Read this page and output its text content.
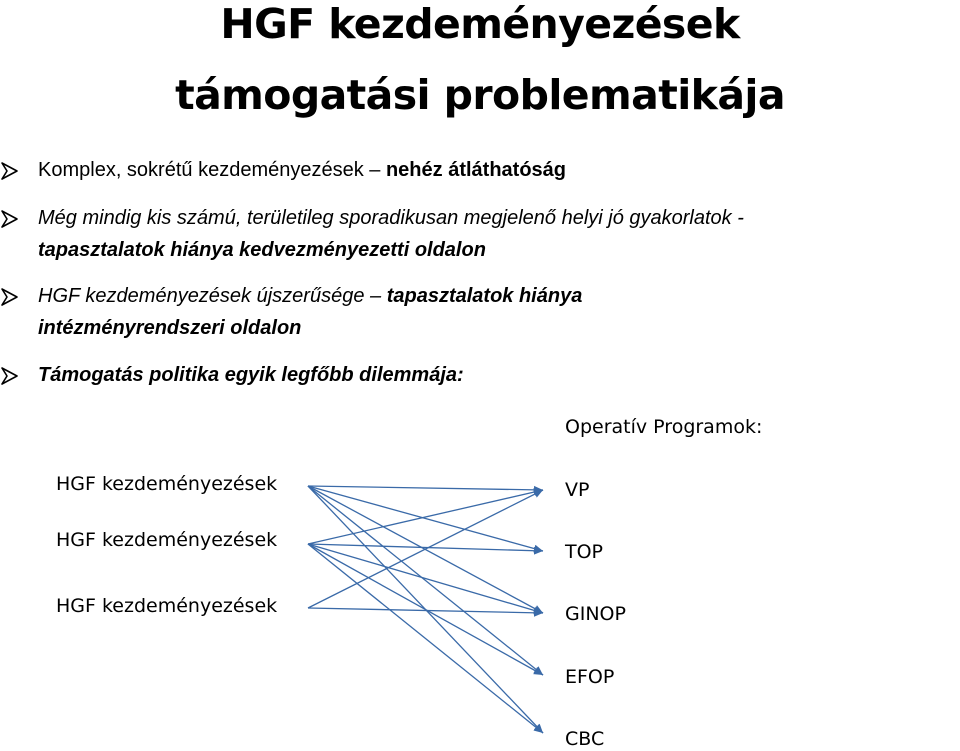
HGF kezdeményezések
támogatási problematikája
Komplex, sokrétű kezdeményezések – nehéz átláthatóság
Még mindig kis számú, területileg sporadikusan megjelenő helyi jó gyakorlatok -
tapasztalatok hiánya kedvezményezetti oldalon
HGF kezdeményezések újszerűsége – tapasztalatok hiánya
intézményrendszeri oldalon
Támogatás politika egyik legfőbb dilemmája:
Operatív Programok:
HGF kezdeményezések
HGF kezdeményezések
HGF kezdeményezések
VP
TOP
GINOP
EFOP
CBC
